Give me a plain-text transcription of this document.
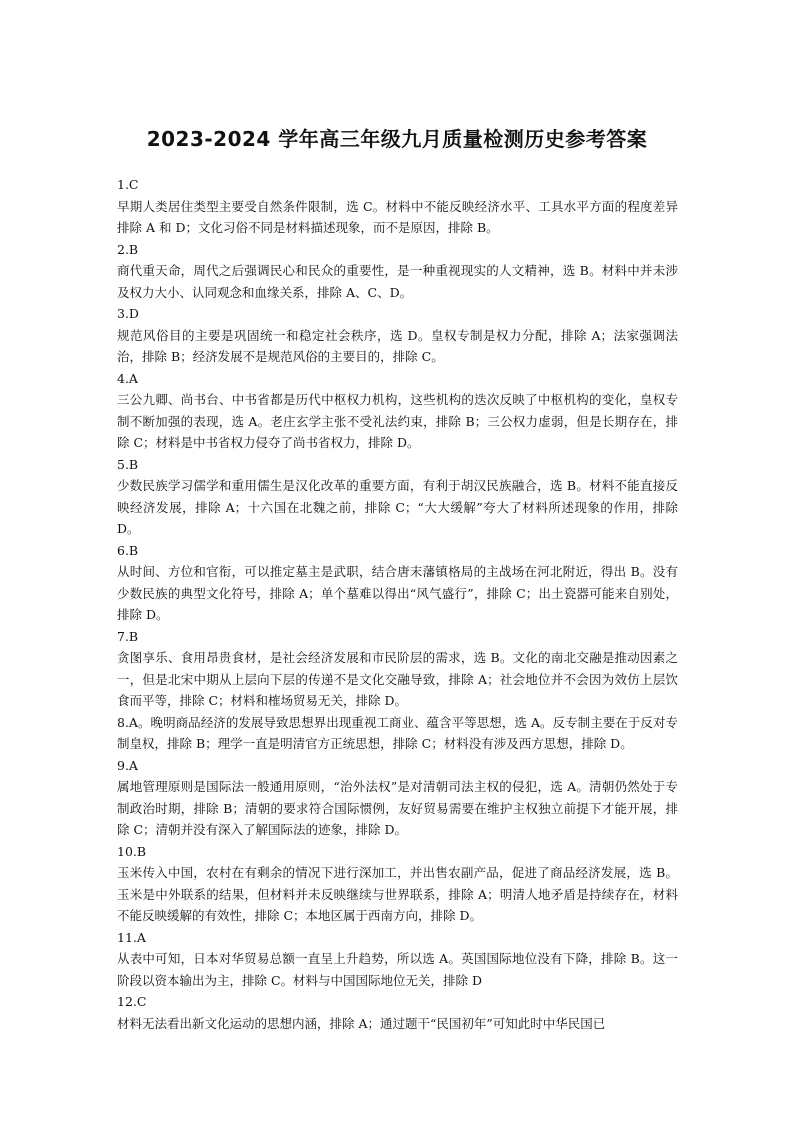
2023-2024 学年高三年级九月质量检测历史参考答案

1.C

早期人类居住类型主要受自然条件限制，选 C。材料中不能反映经济水平、工具水平方面的程度差异排除 A 和 D；文化习俗不同是材料描述现象，而不是原因，排除 B。

2.B

商代重天命，周代之后强调民心和民众的重要性，是一种重视现实的人文精神，选 B。材料中并未涉及权力大小、认同观念和血缘关系，排除 A、C、D。

3.D

规范风俗目的主要是巩固统一和稳定社会秩序，选 D。皇权专制是权力分配，排除 A；法家强调法治，排除 B；经济发展不是规范风俗的主要目的，排除 C。

4.A

三公九卿、尚书台、中书省都是历代中枢权力机构，这些机构的迭次反映了中枢机构的变化，皇权专制不断加强的表现，选 A。老庄玄学主张不受礼法约束，排除 B；三公权力虚弱，但是长期存在，排除 C；材料是中书省权力侵夺了尚书省权力，排除 D。

5.B

少数民族学习儒学和重用儒生是汉化改革的重要方面，有利于胡汉民族融合，选 B。材料不能直接反映经济发展，排除 A；十六国在北魏之前，排除 C；“大大缓解”夸大了材料所述现象的作用，排除 D。

6.B

从时间、方位和官衔，可以推定墓主是武职，结合唐末藩镇格局的主战场在河北附近，得出 B。没有少数民族的典型文化符号，排除 A；单个墓难以得出“风气盛行”，排除 C；出土瓷器可能来自别处，排除 D。

7.B

贪图享乐、食用昂贵食材，是社会经济发展和市民阶层的需求，选 B。文化的南北交融是推动因素之一，但是北宋中期从上层向下层的传递不是文化交融导致，排除 A；社会地位并不会因为效仿上层饮食而平等，排除 C；材料和榷场贸易无关，排除 D。

8.A。晚明商品经济的发展导致思想界出现重视工商业、蕴含平等思想，选 A。反专制主要在于反对专制皇权，排除 B；理学一直是明清官方正统思想，排除 C；材料没有涉及西方思想，排除 D。

9.A

属地管理原则是国际法一般通用原则，“治外法权”是对清朝司法主权的侵犯，选 A。清朝仍然处于专制政治时期，排除 B；清朝的要求符合国际惯例，友好贸易需要在维护主权独立前提下才能开展，排除 C；清朝并没有深入了解国际法的迹象，排除 D。

10.B

玉米传入中国，农村在有剩余的情况下进行深加工，并出售农副产品，促进了商品经济发展，选 B。玉米是中外联系的结果，但材料并未反映继续与世界联系，排除 A；明清人地矛盾是持续存在，材料不能反映缓解的有效性，排除 C；本地区属于西南方向，排除 D。

11.A

从表中可知，日本对华贸易总额一直呈上升趋势，所以选 A。英国国际地位没有下降，排除 B。这一阶段以资本输出为主，排除 C。材料与中国国际地位无关，排除 D

12.C

材料无法看出新文化运动的思想内涵，排除 A；通过题干“民国初年”可知此时中华民国已
